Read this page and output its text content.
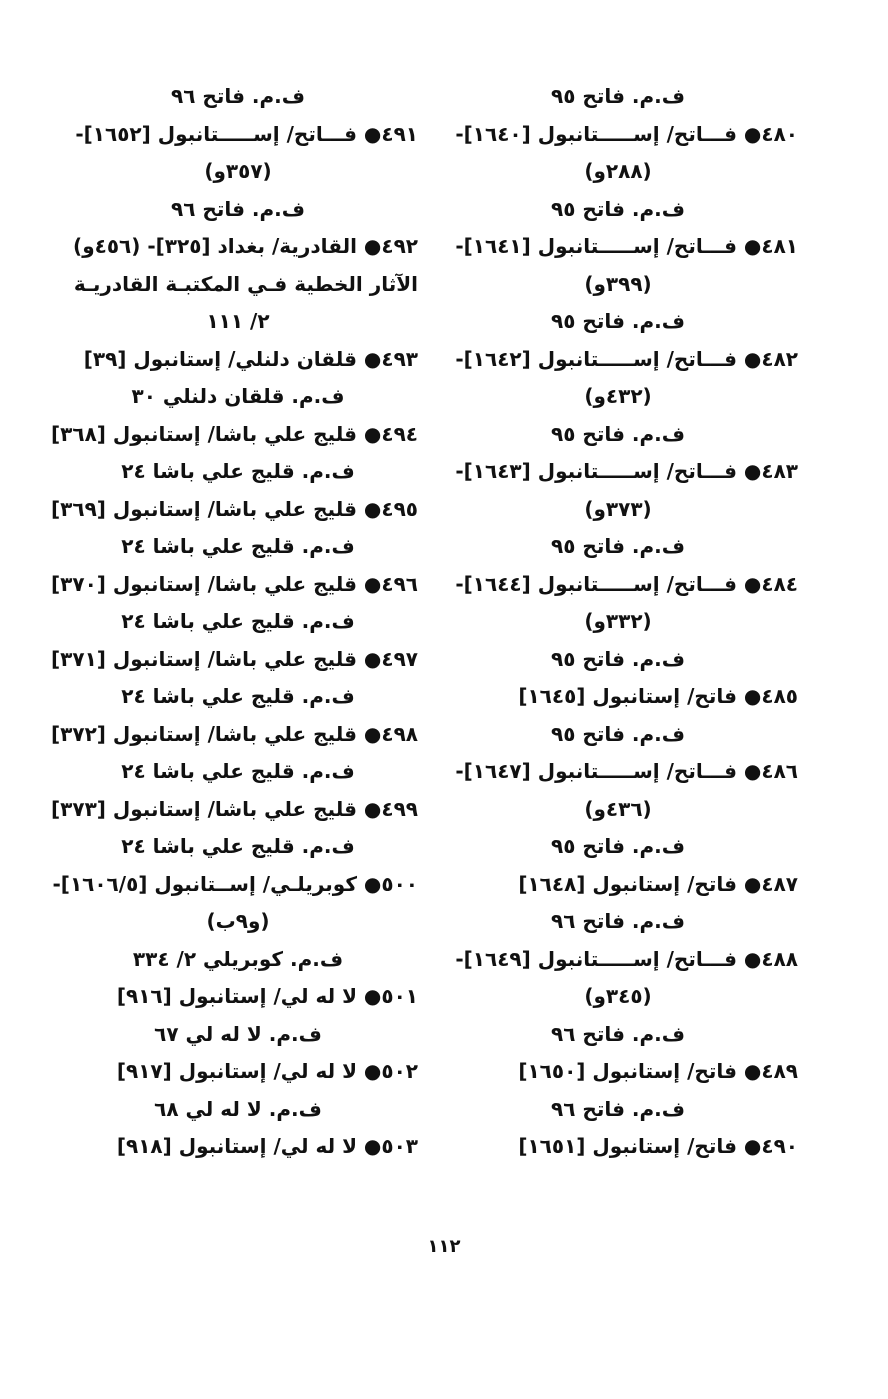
ف.م. فاتح ٩٥
٤٨٠● فـــاتح/ إســـــتانبول [١٦٤٠]-
(٢٨٨و)
ف.م. فاتح ٩٥
٤٨١● فـــاتح/ إســـــتانبول [١٦٤١]-
(٣٩٩و)
ف.م. فاتح ٩٥
٤٨٢● فـــاتح/ إســـــتانبول [١٦٤٢]-
(٤٣٢و)
ف.م. فاتح ٩٥
٤٨٣● فـــاتح/ إســـــتانبول [١٦٤٣]-
(٣٧٣و)
ف.م. فاتح ٩٥
٤٨٤● فـــاتح/ إســـــتانبول [١٦٤٤]-
(٣٣٢و)
ف.م. فاتح ٩٥
٤٨٥● فاتح/ إستانبول [١٦٤٥]
ف.م. فاتح ٩٥
٤٨٦● فـــاتح/ إســـــتانبول [١٦٤٧]-
(٤٣٦و)
ف.م. فاتح ٩٥
٤٨٧● فاتح/ إستانبول [١٦٤٨]
ف.م. فاتح ٩٦
٤٨٨● فـــاتح/ إســـــتانبول [١٦٤٩]-
(٣٤٥و)
ف.م. فاتح ٩٦
٤٨٩● فاتح/ إستانبول [١٦٥٠]
ف.م. فاتح ٩٦
٤٩٠● فاتح/ إستانبول [١٦٥١]
ف.م. فاتح ٩٦
٤٩١● فـــاتح/ إســـــتانبول [١٦٥٢]-
(٣٥٧و)
ف.م. فاتح ٩٦
٤٩٢● القادرية/ بغداد [٣٢٥]- (٤٥٦و)
الآثار الخطية فـي المكتبـة القادريـة
٢/ ١١١
٤٩٣● قلقان دلنلي/ إستانبول [٣٩]
ف.م. قلقان دلنلي ٣٠
٤٩٤● قليج علي باشا/ إستانبول [٣٦٨]
ف.م. قليج علي باشا ٢٤
٤٩٥● قليج علي باشا/ إستانبول [٣٦٩]
ف.م. قليج علي باشا ٢٤
٤٩٦● قليج علي باشا/ إستانبول [٣٧٠]
ف.م. قليج علي باشا ٢٤
٤٩٧● قليج علي باشا/ إستانبول [٣٧١]
ف.م. قليج علي باشا ٢٤
٤٩٨● قليج علي باشا/ إستانبول [٣٧٢]
ف.م. قليج علي باشا ٢٤
٤٩٩● قليج علي باشا/ إستانبول [٣٧٣]
ف.م. قليج علي باشا ٢٤
٥٠٠● كوبريلـي/ إســتانبول [١٦٠٦/٥]-
(و٩ب)
ف.م. كوبريلي ٢/ ٣٣٤
٥٠١● لا له لي/ إستانبول [٩١٦]
ف.م. لا له لي ٦٧
٥٠٢● لا له لي/ إستانبول [٩١٧]
ف.م. لا له لي ٦٨
٥٠٣● لا له لي/ إستانبول [٩١٨]
١١٢
